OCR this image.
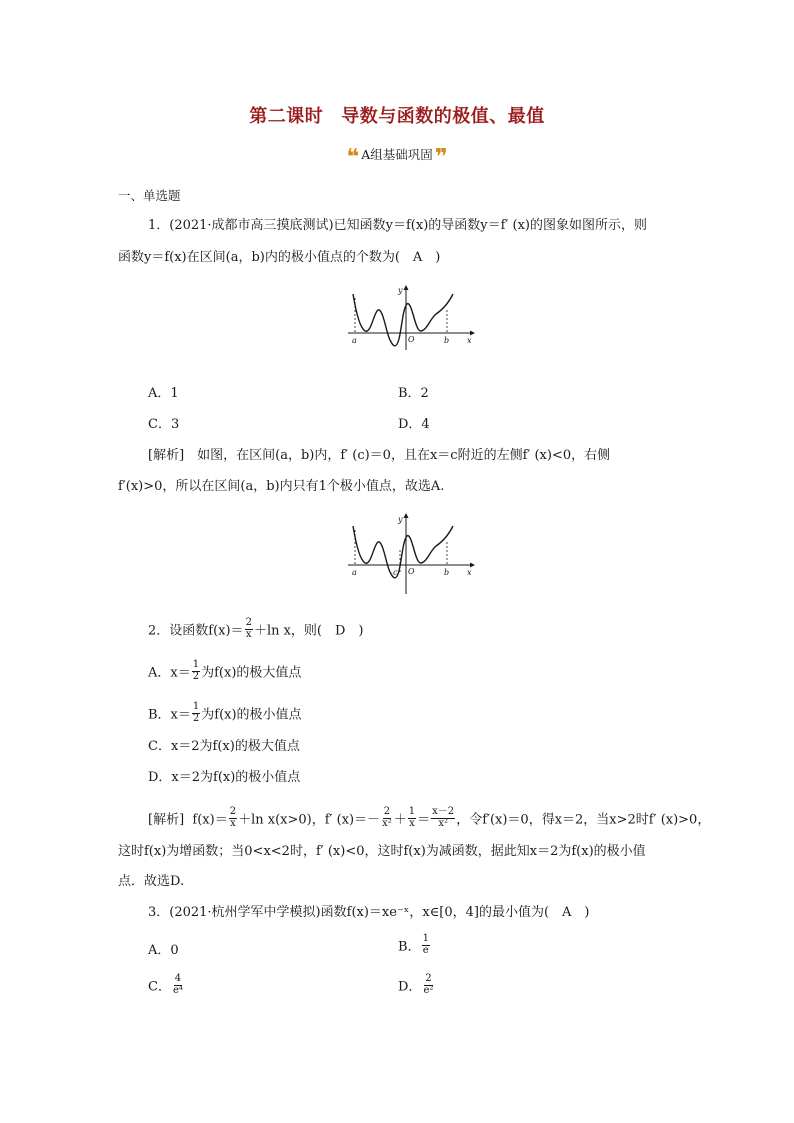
第二课时 导数与函数的极值、最值
❝ A组基础巩固 ❞
一、单选题
1．(2021·成都市高三摸底测试)已知函数y＝f(x)的导函数y＝f′ (x)的图象如图所示，则
函数y＝f(x)在区间(a，b)内的极小值点的个数为(　A　)
a	O	b x
y
A．1	B．2
C．3	D．4
[解析]　如图，在区间(a，b)内，f′ (c)＝0，且在x＝c附近的左侧f′ (x)<0，右侧
f′(x)>0，所以在区间(a，b)内只有1个极小值点，故选A.
a	c O	b x
y
2．设函数$f(x)= \frac{2}{x} +\ln$ x，则(　D　)
A．$x= \frac{1}{2}$ 为f(x)的极大值点
B．$x= \frac{1}{2}$ 为f(x)的极小值点
C．x＝2为f(x)的极大值点
D．x＝2为f(x)的极小值点
[解析] $f(x)= \frac{2}{x} +\ln$ x(x>0)，f′ $(x)=- \frac{2}{\text{x²}} + \frac{1}{x} = \frac{x-2}{\text{x²}}$ ，令f′(x)＝0，得x＝2，当x>2时f′ (x)>0，
这时f(x)为增函数；当0<x<2时，f′ (x)<0，这时f(x)为减函数，据此知x＝2为f(x)的极小值
点．故选D.
3．(2021·杭州学军中学模拟)函数f(x)＝xe⁻ˣ，x∈[0，4]的最小值为(　A　)
A．0	B． $\frac{1}{e}$
C． $\frac{4}{\text{e⁴}}$	D． $\frac{2}{\text{e²}}$
